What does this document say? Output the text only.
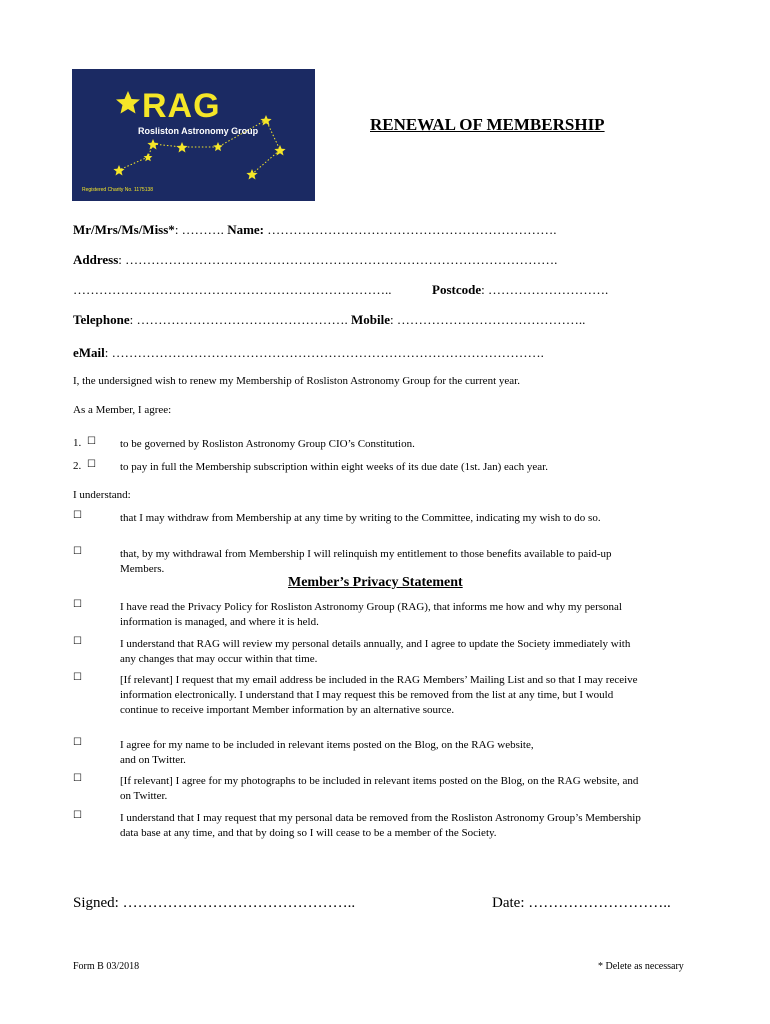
RAG
Rosliston Astronomy Group
Registered Charity No. 1175138
RENEWAL OF MEMBERSHIP
Mr/Mrs/Ms/Miss*: ………. Name: ………………………………………………………….
Address: ……………………………………………………………………………………….
………………………………………………………………..	Postcode: ……………………….
Telephone: …………………………………………. Mobile: ……………………………………..
eMail: ……………………………………………………………………………………….
I, the undersigned wish to renew my Membership of Rosliston Astronomy Group for the current year.
As a Member, I agree:
1. ☐ to be governed by Rosliston Astronomy Group CIO’s Constitution.
2. ☐ to pay in full the Membership subscription within eight weeks of its due date (1st. Jan) each year.
I understand:
☐	that I may withdraw from Membership at any time by writing to the Committee, indicating my wish to do so.
☐	that, by my withdrawal from Membership I will relinquish my entitlement to those benefits available to paid-up Members.
Member’s Privacy Statement
☐	I have read the Privacy Policy for Rosliston Astronomy Group (RAG), that informs me how and why my personal information is managed, and where it is held.
☐	I understand that RAG will review my personal details annually, and I agree to update the Society immediately with any changes that may occur within that time.
☐	[If relevant] I request that my email address be included in the RAG Members’ Mailing List and so that I may receive information electronically. I understand that I may request this be removed from the list at any time, but I would continue to receive important Member information by an alternative source.
☐	I agree for my name to be included in relevant items posted on the Blog, on the RAG website, and on Twitter.
☐	[If relevant] I agree for my photographs to be included in relevant items posted on the Blog, on the RAG website, and on Twitter.
☐	I understand that I may request that my personal data be removed from the Rosliston Astronomy Group’s Membership data base at any time, and that by doing so I will cease to be a member of the Society.
Signed: ………………………………………..	Date: ………………………..
Form B 03/2018	* Delete as necessary
